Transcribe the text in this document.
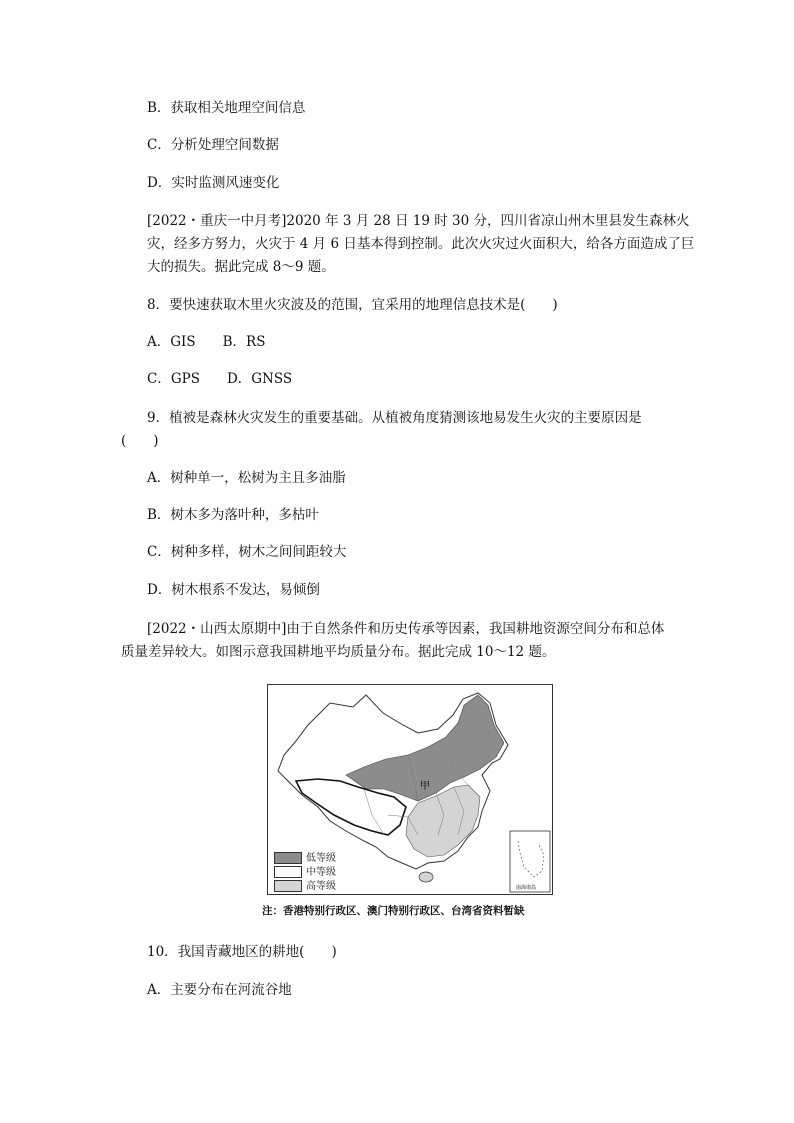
B．获取相关地理空间信息
C．分析处理空间数据
D．实时监测风速变化
[2022・重庆一中月考]2020 年 3 月 28 日 19 时 30 分，四川省凉山州木里县发生森林火
灾，经多方努力，火灾于 4 月 6 日基本得到控制。此次火灾过火面积大，给各方面造成了巨
大的损失。据此完成 8～9 题。
8．要快速获取木里火灾波及的范围，宜采用的地理信息技术是(　　)
A．GIS　　B．RS
C．GPS　　D．GNSS
9．植被是森林火灾发生的重要基础。从植被角度猜测该地易发生火灾的主要原因是
(　　)
A．树种单一，松树为主且多油脂
B．树木多为落叶种，多枯叶
C．树种多样，树木之间间距较大
D．树木根系不发达，易倾倒
[2022・山西太原期中]由于自然条件和历史传承等因素，我国耕地资源空间分布和总体
质量差异较大。如图示意我国耕地平均质量分布。据此完成 10～12 题。
甲
南海诸岛
低等级
中等级
高等级
注：香港特别行政区、澳门特别行政区、台湾省资料暂缺
10．我国青藏地区的耕地(　　)
A．主要分布在河流谷地
